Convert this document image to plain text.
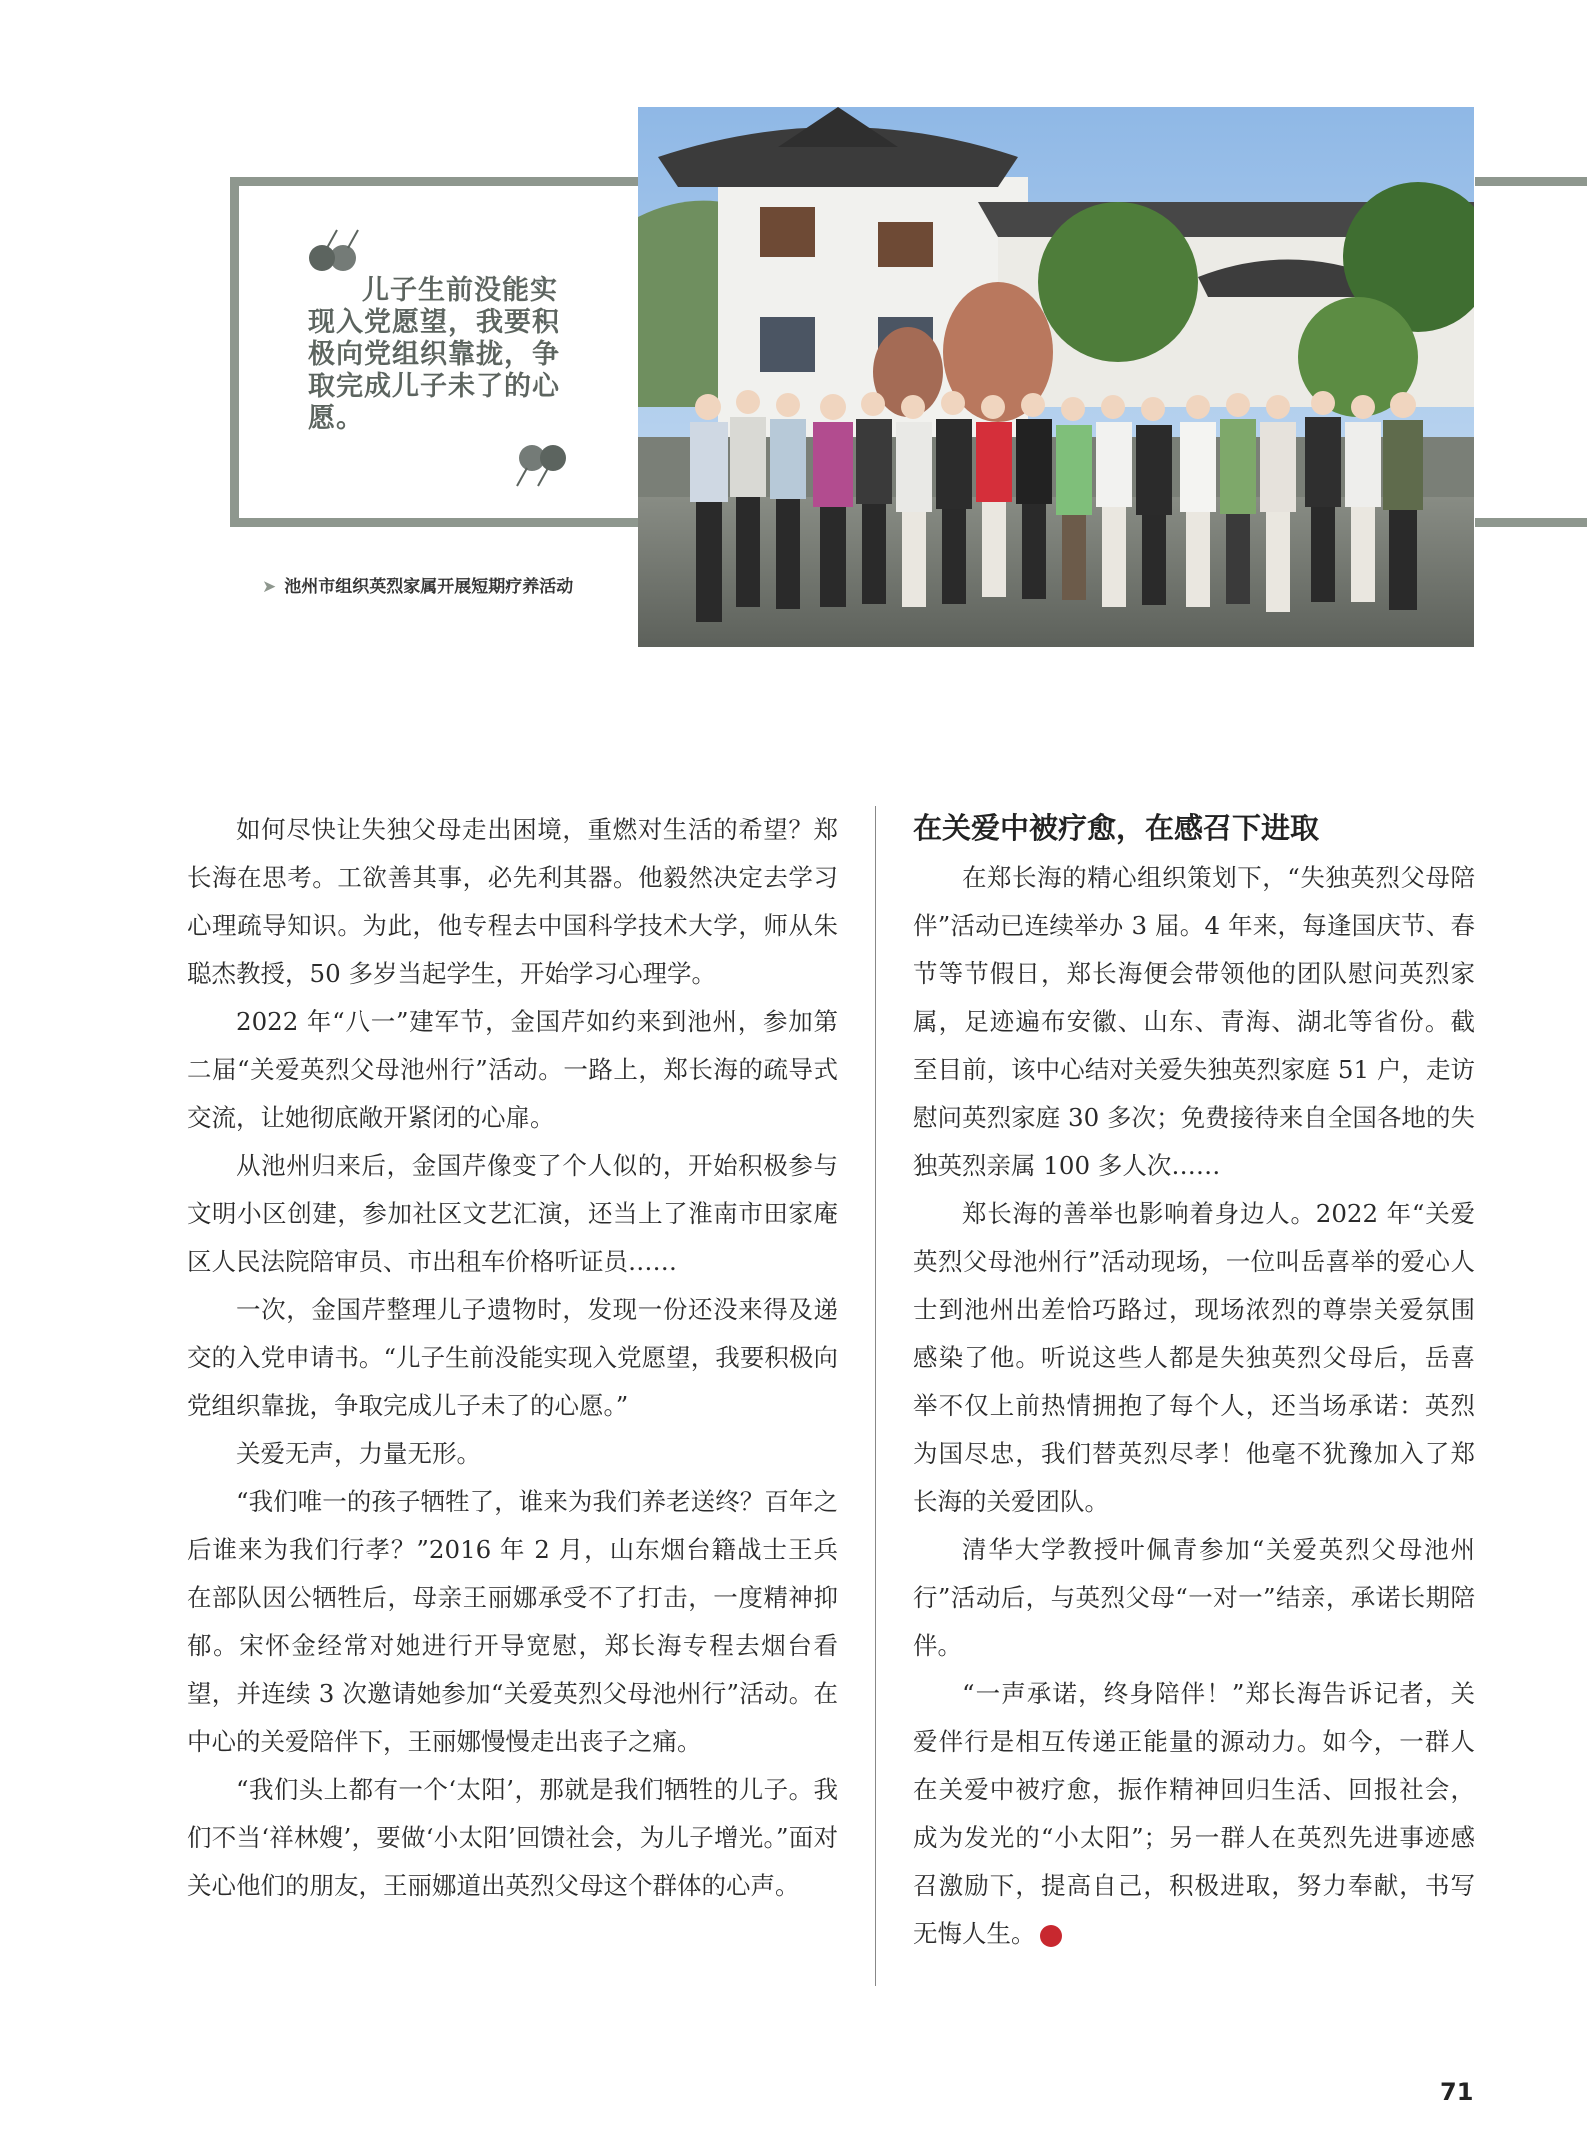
儿子生前没能实现入党愿望，我要积极向党组织靠拢，争取完成儿子未了的心愿。
➤ 池州市组织英烈家属开展短期疗养活动

如何尽快让失独父母走出困境，重燃对生活的希望？郑长海在思考。工欲善其事，必先利其器。他毅然决定去学习心理疏导知识。为此，他专程去中国科学技术大学，师从朱聪杰教授，50 多岁当起学生，开始学习心理学。

2022 年“八一”建军节，金国芹如约来到池州，参加第二届“关爱英烈父母池州行”活动。一路上，郑长海的疏导式交流，让她彻底敞开紧闭的心扉。

从池州归来后，金国芹像变了个人似的，开始积极参与文明小区创建，参加社区文艺汇演，还当上了淮南市田家庵区人民法院陪审员、市出租车价格听证员……

一次，金国芹整理儿子遗物时，发现一份还没来得及递交的入党申请书。“儿子生前没能实现入党愿望，我要积极向党组织靠拢，争取完成儿子未了的心愿。”

关爱无声，力量无形。

“我们唯一的孩子牺牲了，谁来为我们养老送终？百年之后谁来为我们行孝？”2016 年 2 月，山东烟台籍战士王兵在部队因公牺牲后，母亲王丽娜承受不了打击，一度精神抑郁。宋怀金经常对她进行开导宽慰，郑长海专程去烟台看望，并连续 3 次邀请她参加“关爱英烈父母池州行”活动。在中心的关爱陪伴下，王丽娜慢慢走出丧子之痛。

“我们头上都有一个‘太阳’，那就是我们牺牲的儿子。我们不当‘祥林嫂’，要做‘小太阳’回馈社会，为儿子增光。”面对关心他们的朋友，王丽娜道出英烈父母这个群体的心声。

在关爱中被疗愈，在感召下进取

在郑长海的精心组织策划下，“失独英烈父母陪伴”活动已连续举办 3 届。4 年来，每逢国庆节、春节等节假日，郑长海便会带领他的团队慰问英烈家属，足迹遍布安徽、山东、青海、湖北等省份。截至目前，该中心结对关爱失独英烈家庭 51 户，走访慰问英烈家庭 30 多次；免费接待来自全国各地的失独英烈亲属 100 多人次……

郑长海的善举也影响着身边人。2022 年“关爱英烈父母池州行”活动现场，一位叫岳喜举的爱心人士到池州出差恰巧路过，现场浓烈的尊崇关爱氛围感染了他。听说这些人都是失独英烈父母后，岳喜举不仅上前热情拥抱了每个人，还当场承诺：英烈为国尽忠，我们替英烈尽孝！他毫不犹豫加入了郑长海的关爱团队。

清华大学教授叶佩青参加“关爱英烈父母池州行”活动后，与英烈父母“一对一”结亲，承诺长期陪伴。

“一声承诺，终身陪伴！”郑长海告诉记者，关爱伴行是相互传递正能量的源动力。如今，一群人在关爱中被疗愈，振作精神回归生活、回报社会，成为发光的“小太阳”；另一群人在英烈先进事迹感召激励下，提高自己，积极进取，努力奉献，书写无悔人生。	N

71
